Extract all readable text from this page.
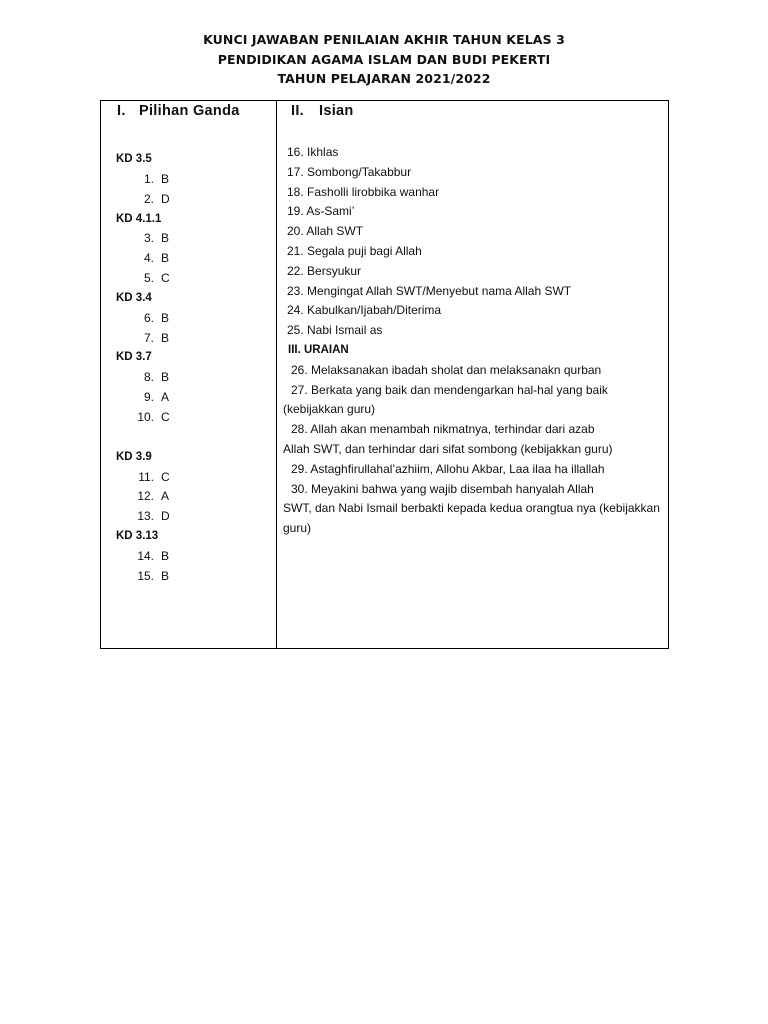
KUNCI JAWABAN PENILAIAN AKHIR TAHUN KELAS 3
PENDIDIKAN AGAMA ISLAM DAN BUDI PEKERTI
TAHUN PELAJARAN 2021/2022
I. Pilihan Ganda	II. Isian
KD 3.5
1. B
2. D
KD 4.1.1
3. B
4. B
5. C
KD 3.4
6. B
7. B
KD 3.7
8. B
9. A
10. C
KD 3.9
11. C
12. A
13. D
KD 3.13
14. B
15. B
16. Ikhlas
17. Sombong/Takabbur
18. Fasholli lirobbika wanhar
19. As-Sami’
20. Allah SWT
21. Segala puji bagi Allah
22. Bersyukur
23. Mengingat Allah SWT/Menyebut nama Allah SWT
24. Kabulkan/Ijabah/Diterima
25. Nabi Ismail as
III. URAIAN
26. Melaksanakan ibadah sholat dan melaksanakn qurban
27. Berkata yang baik dan mendengarkan hal-hal yang baik
(kebijakkan guru)
28. Allah akan menambah nikmatnya, terhindar dari azab
Allah SWT, dan terhindar dari sifat sombong (kebijakkan guru)
29. Astaghfirullahal’azhiim, Allohu Akbar, Laa ilaa ha illallah
30. Meyakini bahwa yang wajib disembah hanyalah Allah
SWT, dan Nabi Ismail berbakti kepada kedua orangtua nya (kebijakkan guru)
